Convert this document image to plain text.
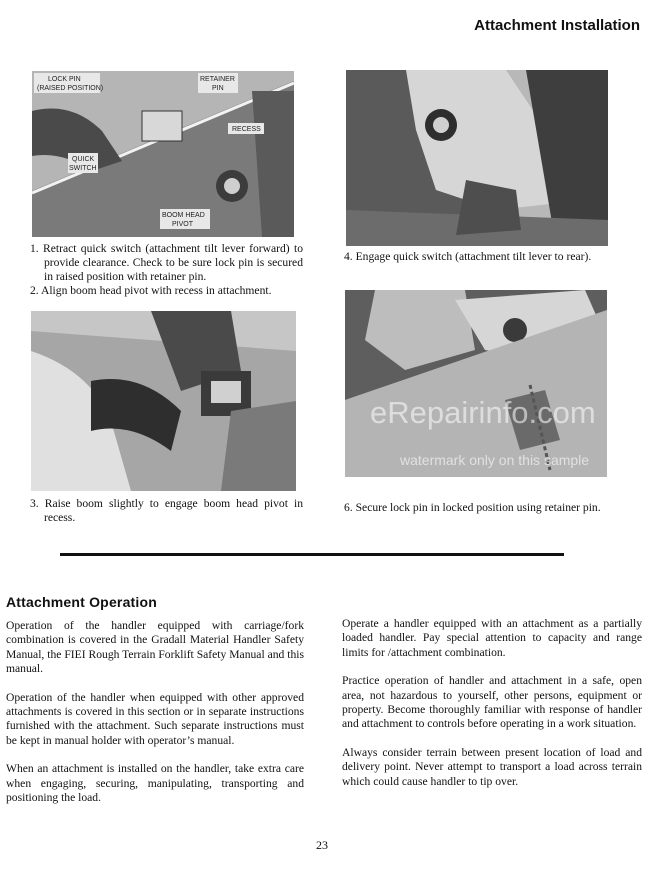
Attachment Installation
LOCK PIN
(RAISED POSITION)
RETAINER
PIN
RECESS
QUICK
SWITCH
BOOM HEAD
PIVOT
1. Retract quick switch (attachment tilt lever forward) to provide clearance. Check to be sure lock pin is secured in raised position with retainer pin.
2. Align boom head pivot with recess in attachment.
4. Engage quick switch (attachment tilt lever to rear).
eRepairinfo.com
watermark only on this sample
3. Raise boom slightly to engage boom head pivot in recess.
6. Secure lock pin in locked position using retainer pin.
Attachment Operation

Operation of the handler equipped with carriage/fork combination is covered in the Gradall Material Handler Safety Manual, the FIEI Rough Terrain Forklift Safety Manual and this manual.

Operation of the handler when equipped with other approved attachments is covered in this section or in separate instructions furnished with the attachment. Such separate instructions must be kept in manual holder with operator’s manual.

When an attachment is installed on the handler, take extra care when engaging, securing, manipulating, transporting and positioning the load.

Operate a handler equipped with an attachment as a partially loaded handler. Pay special attention to capacity and range limits for /attachment combination.

Practice operation of handler and attachment in a safe, open area, not hazardous to yourself, other persons, equipment or property. Become thoroughly familiar with response of handler and attachment to controls before operating in a work situation.

Always consider terrain between present location of load and delivery point. Never attempt to transport a load across terrain which could cause handler to tip over.

23
